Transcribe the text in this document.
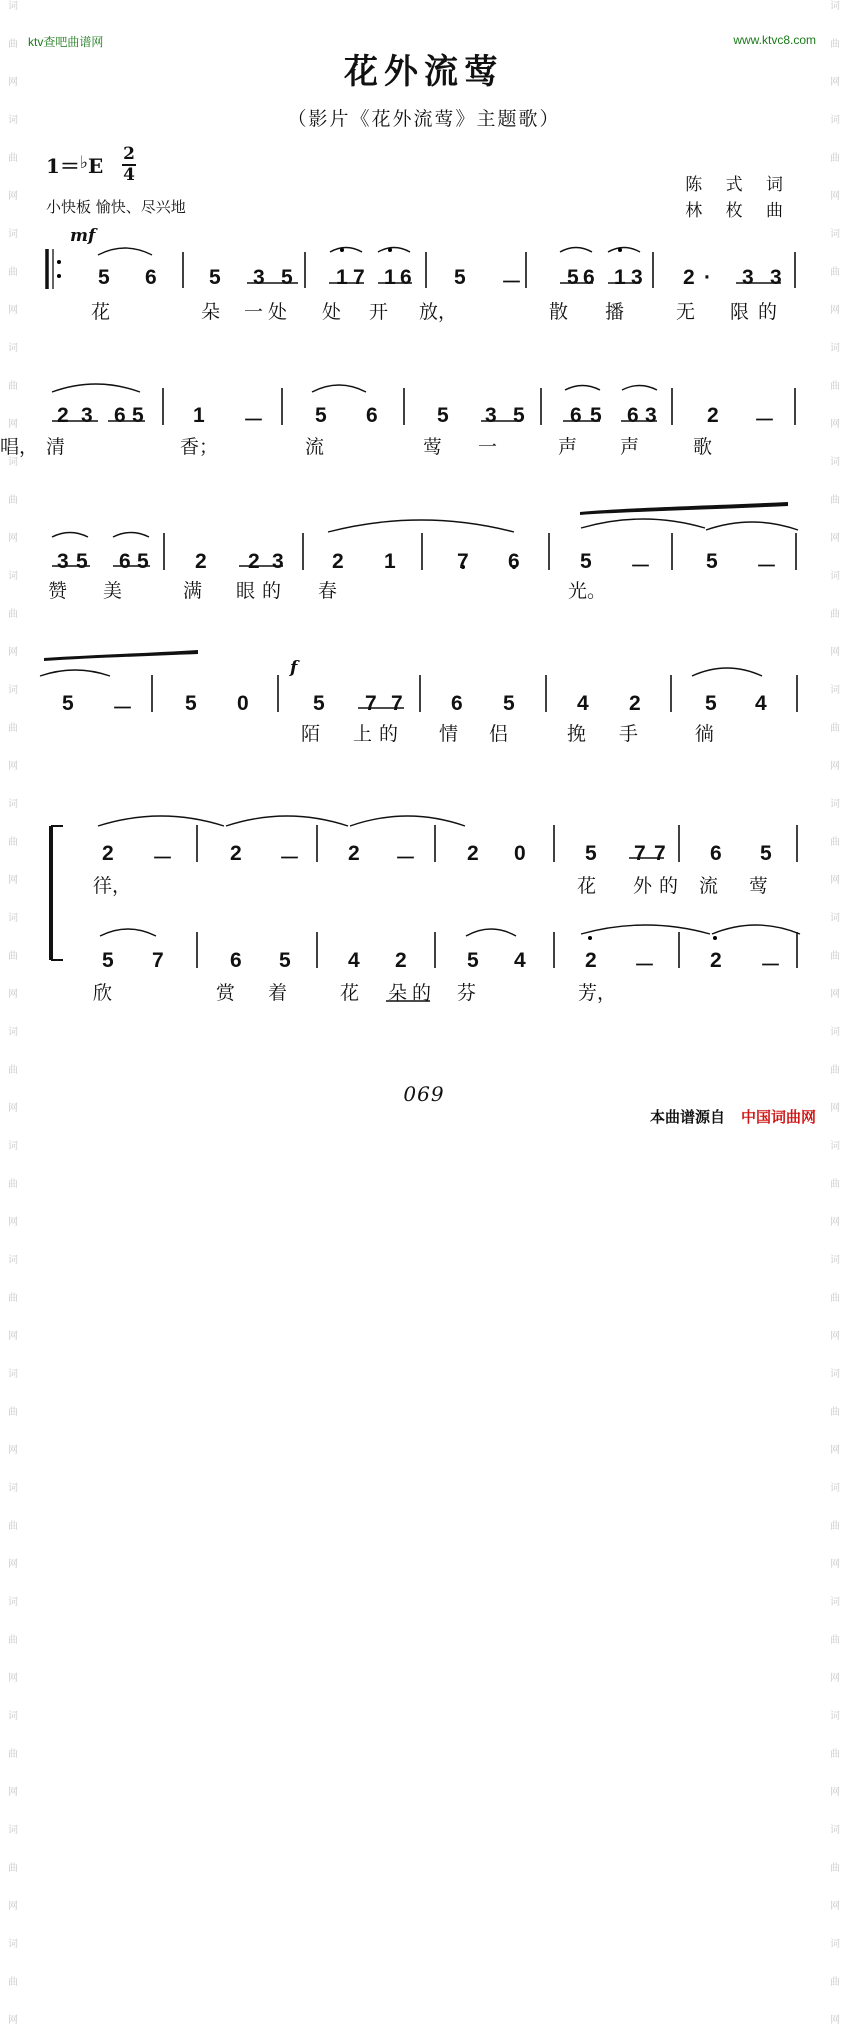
词
曲
网
词
曲
网
词
曲
网
词
曲
网
词
曲
网
词
曲
网
词
曲
网
词
曲
网
词
曲
网
词
曲
网
词
曲
网
词
曲
网
词
曲
网
词
曲
网
词
曲
网
词
曲
网
词
曲
网
词
曲
网
词
曲
网
词
曲
网
词
曲
网
词
曲
网
词
曲
网
词
曲
网
词
曲
网
词
曲
网
词
曲
网
词
曲
网
词
曲
网
词
曲
网
词
曲
网
词
曲
网
词
曲
网
词
曲
网
词
曲
网
词
曲
网
ktv查吧曲谱网	www.ktvc8.com
花外流莺
（影片《花外流莺》主题歌）
1＝♭E 2
4
小快板 愉快、尽兴地
陈 式 词
林 枚 曲
5 6 5 3 5 1 7 1 6 5 － 5 6 1 3 2 · 3 3
花	朵 一 处 处 开 放，	散 播	无 限 的
2 3 6 5 1 － 5 6	5 3 5 6 5 6 3 2 －
清	香；	流	莺 一	声 声	歌
唱，
3 5 6 5 2 2 3 2 1	7 6	5 －	5 －
赞 美	满 眼 的 春	光。
5 － 5 0	5 7 7 6 5	4 2	5 4
陌 上 的 情 侣	挽 手	徜
2 －	2 － 2 － 2 0	5 7 7 6 5
徉，	花 外 的 流 莺
5 7	6 5	4 2	5 4	2 －	2 －
欣	赏 着	花 朵 的 芬	芳，
mf
f
069
本曲谱源自 中国词曲网
